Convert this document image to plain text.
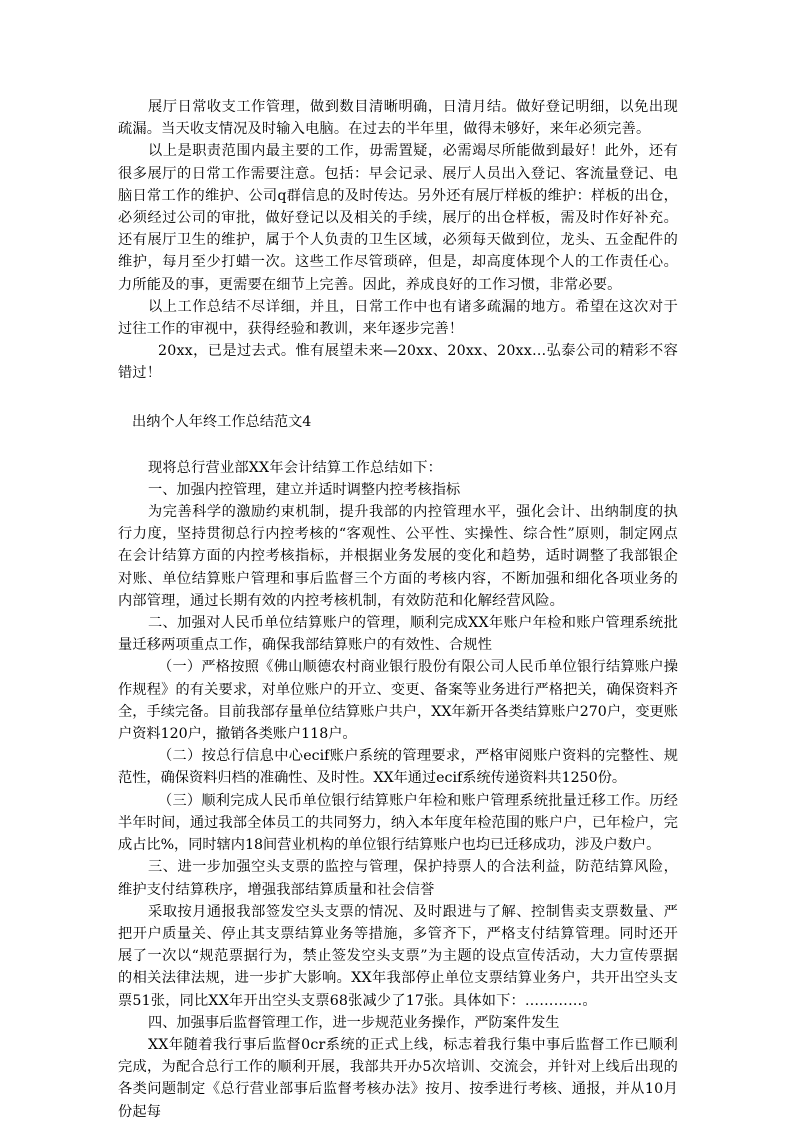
展厅日常收支工作管理，做到数目清晰明确，日清月结。做好登记明细，以免出现疏漏。当天收支情况及时输入电脑。在过去的半年里，做得未够好，来年必须完善。

以上是职责范围内最主要的工作，毋需置疑，必需竭尽所能做到最好！此外，还有很多展厅的日常工作需要注意。包括：早会记录、展厅人员出入登记、客流量登记、电脑日常工作的维护、公司q群信息的及时传达。另外还有展厅样板的维护：样板的出仓，必须经过公司的审批，做好登记以及相关的手续，展厅的出仓样板，需及时作好补充。还有展厅卫生的维护，属于个人负责的卫生区域，必须每天做到位，龙头、五金配件的维护，每月至少打蜡一次。这些工作尽管琐碎，但是，却高度体现个人的工作责任心。力所能及的事，更需要在细节上完善。因此，养成良好的工作习惯，非常必要。

以上工作总结不尽详细，并且，日常工作中也有诸多疏漏的地方。希望在这次对于过往工作的审视中，获得经验和教训，来年逐步完善！

20xx，已是过去式。惟有展望未来—20xx、20xx、20xx…弘泰公司的精彩不容错过！

出纳个人年终工作总结范文4

现将总行营业部XX年会计结算工作总结如下：

一、加强内控管理，建立并适时调整内控考核指标

为完善科学的激励约束机制，提升我部的内控管理水平，强化会计、出纳制度的执行力度，坚持贯彻总行内控考核的“客观性、公平性、实操性、综合性”原则，制定网点在会计结算方面的内控考核指标，并根据业务发展的变化和趋势，适时调整了我部银企对账、单位结算账户管理和事后监督三个方面的考核内容，不断加强和细化各项业务的内部管理，通过长期有效的内控考核机制，有效防范和化解经营风险。

二、加强对人民币单位结算账户的管理，顺利完成XX年账户年检和账户管理系统批量迁移两项重点工作，确保我部结算账户的有效性、合规性

（一）严格按照《佛山顺德农村商业银行股份有限公司人民币单位银行结算账户操作规程》的有关要求，对单位账户的开立、变更、备案等业务进行严格把关，确保资料齐全，手续完备。目前我部存量单位结算账户共户，XX年新开各类结算账户270户，变更账户资料120户，撤销各类账户118户。

（二）按总行信息中心ecif账户系统的管理要求，严格审阅账户资料的完整性、规范性，确保资料归档的准确性、及时性。XX年通过ecif系统传递资料共1250份。

（三）顺利完成人民币单位银行结算账户年检和账户管理系统批量迁移工作。历经半年时间，通过我部全体员工的共同努力，纳入本年度年检范围的账户户，已年检户，完成占比%，同时辖内18间营业机构的单位银行结算账户也均已迁移成功，涉及户数户。

三、进一步加强空头支票的监控与管理，保护持票人的合法利益，防范结算风险，维护支付结算秩序，增强我部结算质量和社会信誉

采取按月通报我部签发空头支票的情况、及时跟进与了解、控制售卖支票数量、严把开户质量关、停止其支票结算业务等措施，多管齐下，严格支付结算管理。同时还开展了一次以“规范票据行为，禁止签发空头支票”为主题的设点宣传活动，大力宣传票据的相关法律法规，进一步扩大影响。XX年我部停止单位支票结算业务户，共开出空头支票51张，同比XX年开出空头支票68张减少了17张。具体如下：…………。

四、加强事后监督管理工作，进一步规范业务操作，严防案件发生

XX年随着我行事后监督0cr系统的正式上线，标志着我行集中事后监督工作已顺利完成，为配合总行工作的顺利开展，我部共开办5次培训、交流会，并针对上线后出现的各类问题制定《总行营业部事后监督考核办法》按月、按季进行考核、通报，并从10月份起每
